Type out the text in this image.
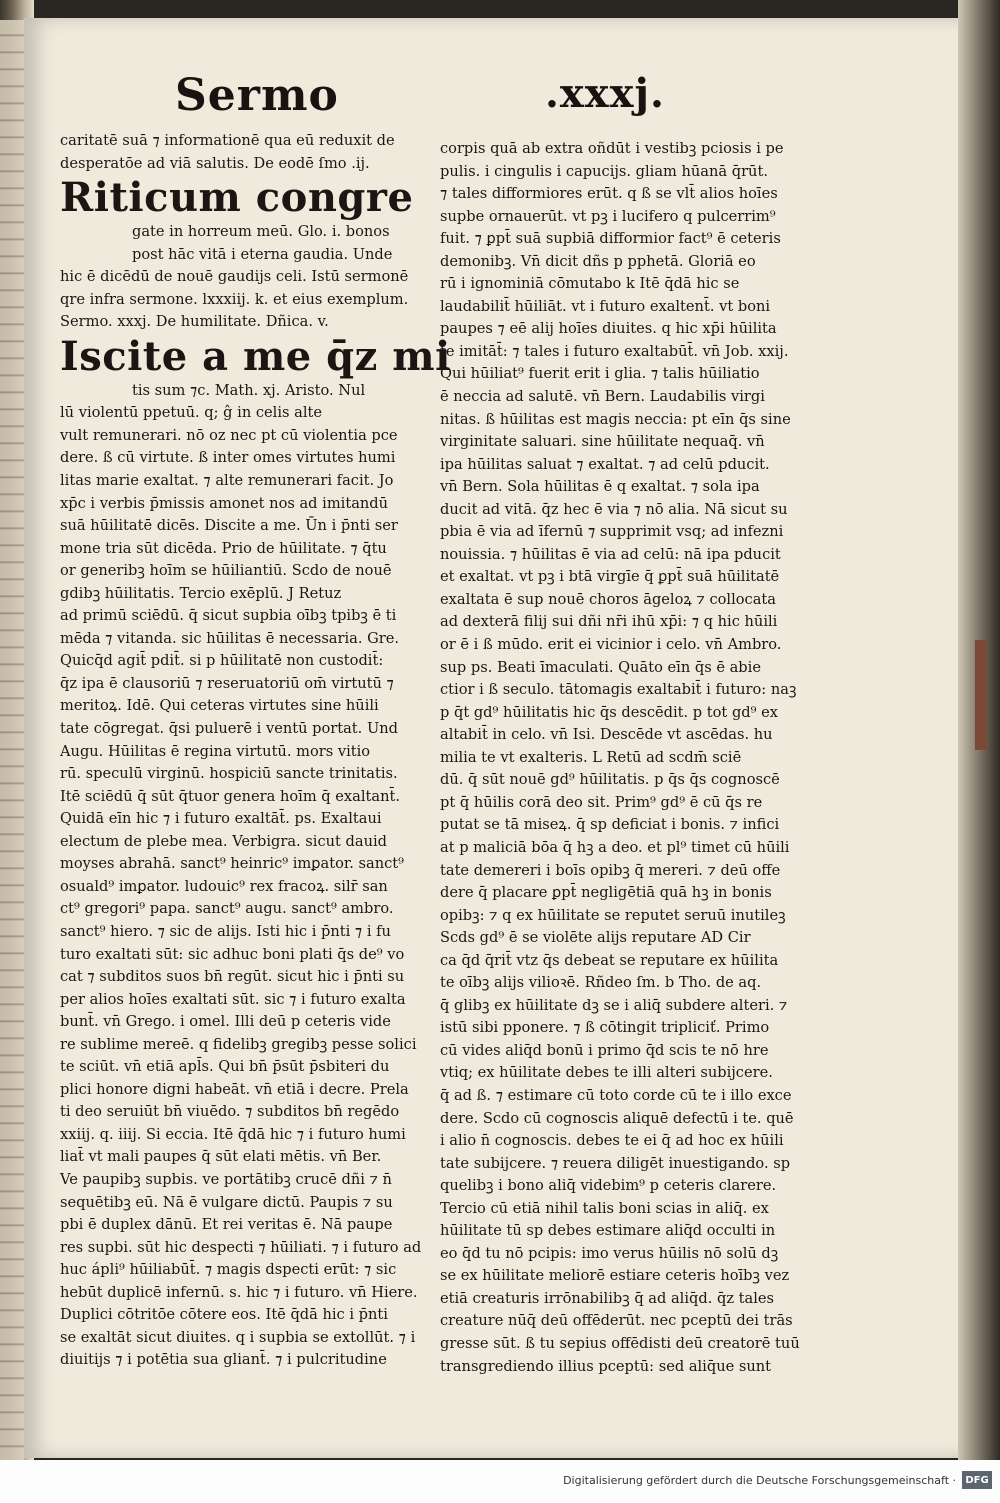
Sermo	.xxxj.
caritatē suā ⁊ informationē qua eū reduxit de
desperatōe ad viā salutis. De eodē ſmo .ij.
Riticum congre
gate in horreum meū. Glo. i. bonos
post hāc vitā i eterna gaudia. Unde
hic ē dicēdū de nouē gaudijs celi. Istū sermonē
qre infra sermone. lxxxiij. k. et eius exemplum.
Sermo. xxxj. De humilitate. Dñica. v.
Iscite a me q̄z mi
tis sum ⁊c. Math. xj. Aristo. Nul
lū violentū ppetuū. q; ĝ in celis alte
vult remunerari. nō oz nec pt cū violentia pce
dere. ß cū virtute. ß inter omes virtutes humi
litas marie exaltat. ⁊ alte remunerari facit. Jo
xp̄c i verbis p̄missis amonet nos ad imitandū
suā hūilitatē dicēs. Discite a me. Ūn i p̄nti ser
mone tria sūt dicēda. Prio de hūilitate. ⁊ q̄tu
or generibꝫ hoīm se hūiliantiū. Scdo de nouē
gdibꝫ hūilitatis. Tercio exēplū. J Retuz
ad primū sciēdū. q̄ sicut supbia oībꝫ tpibꝫ ē ti
mēda ⁊ vitanda. sic hūilitas ē necessaria. Gre.
Quicq̄d agit̄ pdit̄. si p hūilitatē non custodit̄:
q̄z ipa ē clausoriū ⁊ reseruatoriū om̄ virtutū ⁊
meritoꝝ. Idē. Qui ceteras virtutes sine hūili
tate cōgregat. q̄si puluerē i ventū portat. Und
Augu. Hūilitas ē regina virtutū. mors vitio
rū. speculū virginū. hospiciū sancte trinitatis.
Itē sciēdū q̄ sūt q̄tuor genera hoīm q̄ exaltant̄.
Quidā eīn hic ⁊ i futuro exaltāt̄. ps. Exaltaui
electum de plebe mea. Verbigra. sicut dauid
moyses abrahā. sanct⁹ heinric⁹ imꝑator. sanct⁹
osuald⁹ imꝑator. ludouic⁹ rex fracoꝝ. silr̄ san
ct⁹ gregori⁹ papa. sanct⁹ augu. sanct⁹ ambro.
sanct⁹ hiero. ⁊ sic de alijs. Isti hic i p̄nti ⁊ i fu
turo exaltati sūt: sic adhuc boni plati q̄s de⁹ vo
cat ⁊ subditos suos bn̄ regūt. sicut hic i p̄nti su
per alios hoīes exaltati sūt. sic ⁊ i futuro exalta
bunt̄. vn̄ Grego. i omel. Illi deū p ceteris vide
re sublime mereē. q fidelibꝫ gregibꝫ pesse solici
te sciūt. vn̄ etiā apl̄s. Qui bn̄ p̄sūt p̄sbiteri du
plici honore digni habeāt. vn̄ etiā i decre. Prela
ti deo seruiūt bn̄ viuēdo. ⁊ subditos bn̄ regēdo
xxiij. q. iiij. Si eccia. Itē q̄dā hic ⁊ i futuro humi
liat̄ vt mali paupes q̄ sūt elati mētis. vn̄ Ber.
Ve paupibꝫ supbis. ve portātibꝫ crucē dñi ⁊ n̄
sequētibꝫ eū. Nā ē vulgare dictū. Paupis ⁊ su
pbi ē duplex dānū. Et rei veritas ē. Nā paupe
res supbi. sūt hic despecti ⁊ hūiliati. ⁊ i futuro ad
huc ápli⁹ hūiliabūt̄. ⁊ magis dspecti erūt: ⁊ sic
hebūt duplicē infernū. s. hic ⁊ i futuro. vn̄ Hiere.
Duplici cōtritōe cōtere eos. Itē q̄dā hic i p̄nti
se exaltāt sicut diuites. q i supbia se extollūt. ⁊ i
diuitijs ⁊ i potētia sua gliant̄. ⁊ i pulcritudine
corpis quā ab extra oñdūt i vestibꝫ pciosis i pe
pulis. i cingulis i capucijs. gliam hūanā q̄rūt.
⁊ tales difformiores erūt. q ß se vlt̄ alios hoīes
supbe ornauerūt. vt pꝫ i lucifero q pulcerrim⁹
fuit. ⁊ ꝑpt̄ suā supbiā difformior fact⁹ ē ceteris
demonibꝫ. Vn̄ dicit dñs p pphetā. Gloriā eo
rū i ignominiā cōmutabo k Itē q̄dā hic se
laudabilit̄ hūiliāt. vt i futuro exaltent̄. vt boni
paupes ⁊ eē alij hoīes diuites. q hic xp̄i hūilita
te imitāt̄: ⁊ tales i futuro exaltabūt̄. vn̄ Job. xxij.
Qui hūiliat⁹ fuerit erit i glia. ⁊ talis hūiliatio
ē neccia ad salutē. vn̄ Bern. Laudabilis virgi
nitas. ß hūilitas est magis neccia: pt eīn q̄s sine
virginitate saluari. sine hūilitate nequaq̄. vn̄
ipa hūilitas saluat ⁊ exaltat. ⁊ ad celū pducit.
vn̄ Bern. Sola hūilitas ē q exaltat. ⁊ sola ipa
ducit ad vitā. q̄z hec ē via ⁊ nō alia. Nā sicut su
pbia ē via ad īfernū ⁊ supprimit vsq; ad infezni
nouissia. ⁊ hūilitas ē via ad celū: nā ipa pducit
et exaltat. vt pꝫ i btā virgīe q̄ ꝑpt̄ suā hūilitatē
exaltata ē sup nouē choros āgeloꝝ ⁊ collocata
ad dexterā filij sui dñi nr̄i ihū xp̄i: ⁊ q hic hūili
or ē i ß mūdo. erit ei vicinior i celo. vn̄ Ambro.
sup ps. Beati īmaculati. Quāto eīn q̄s ē abie
ctior i ß seculo. tātomagis exaltabit̄ i futuro: naꝫ
p q̄t gd⁹ hūilitatis hic q̄s descēdit. p tot gd⁹ ex
altabit̄ in celo. vn̄ Isi. Descēde vt ascēdas. hu
milia te vt exalteris. L Retū ad scdm̄ sciē
dū. q̄ sūt nouē gd⁹ hūilitatis. p q̄s q̄s cognoscē
pt q̄ hūilis corā deo sit. Prim⁹ gd⁹ ē cū q̄s re
putat se tā miseꝝ. q̄ sp deficiat i bonis. ⁊ infici
at p maliciā bōa q̄ hꝫ a deo. et pl⁹ timet cū hūili
tate demereri i boīs opibꝫ q̄ mereri. ⁊ deū offe
dere q̄ placare ꝑpt̄ negligētiā quā hꝫ in bonis
opibꝫ: ⁊ q ex hūilitate se reputet seruū inutileꝫ
Scds gd⁹ ē se violēte alijs reputare AD Cir
ca q̄d q̄rit̄ vtz q̄s debeat se reputare ex hūilita
te oībꝫ alijs vilioꝛē. Rñdeo ſm. b Tho. de aq.
q̄ glibꝫ ex hūilitate dꝫ se i aliq̄ subdere alteri. ⁊
istū sibi pponere. ⁊ ß cōtingit tripliciť. Primo
cū vides aliq̄d bonū i primo q̄d scis te nō hre
vtiq; ex hūilitate debes te illi alteri subijcere.
q̄ ad ß. ⁊ estimare cū toto corde cū te i illo exce
dere. Scdo cū cognoscis aliquē defectū i te. quē
i alio n̄ cognoscis. debes te ei q̄ ad hoc ex hūili
tate subijcere. ⁊ reuera diligēt inuestigando. sp
quelibꝫ i bono aliq̄ videbim⁹ p ceteris clarere.
Tercio cū etiā nihil talis boni scias in aliq̄. ex
hūilitate tū sp debes estimare aliq̄d occulti in
eo q̄d tu nō pcipis: imo verus hūilis nō solū dꝫ
se ex hūilitate meliorē estiare ceteris hoībꝫ vez
etiā creaturis irrōnabilibꝫ q̄ ad aliq̄d. q̄z tales
creature nūq̄ deū offēderūt. nec pceptū dei trās
gresse sūt. ß tu sepius offēdisti deū creatorē tuū
transgrediendo illius pceptū: sed aliq̄ue sunt
Digitalisierung gefördert durch die Deutsche Forschungsgemeinschaft · DFG
